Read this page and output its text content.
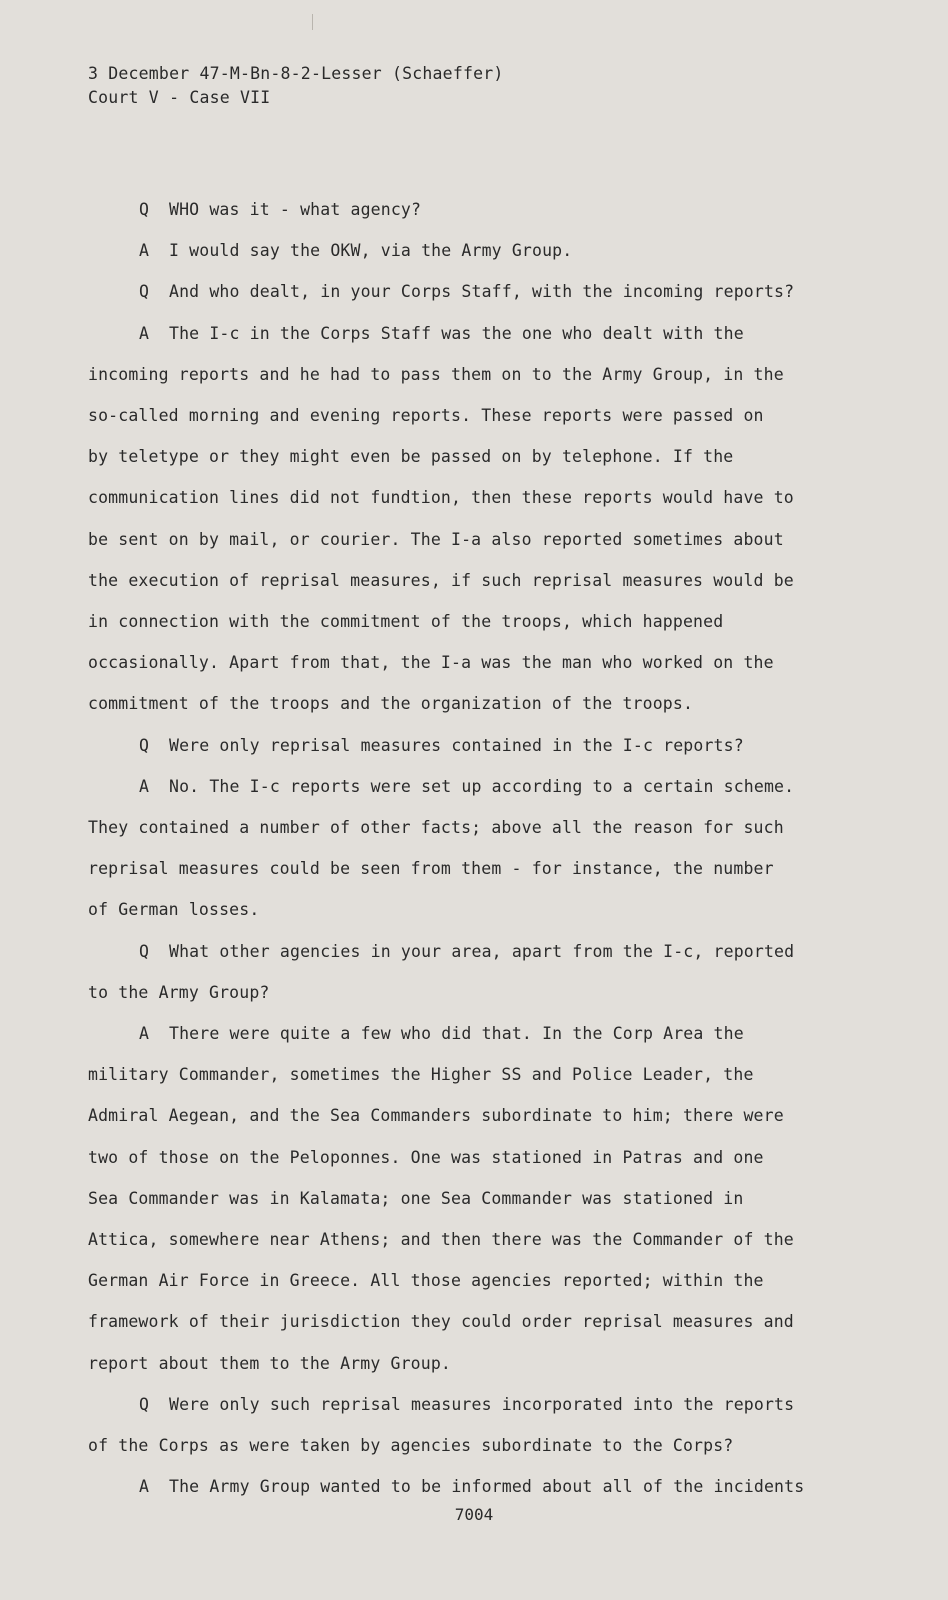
3 December 47-M-Bn-8-2-Lesser (Schaeffer)
Court V - Case VII
Q WHO was it - what agency?
A I would say the OKW, via the Army Group.
Q And who dealt, in your Corps Staff, with the incoming reports?
A The I-c in the Corps Staff was the one who dealt with the
incoming reports and he had to pass them on to the Army Group, in the
so-called morning and evening reports. These reports were passed on
by teletype or they might even be passed on by telephone. If the
communication lines did not fundtion, then these reports would have to
be sent on by mail, or courier. The I-a also reported sometimes about
the execution of reprisal measures, if such reprisal measures would be
in connection with the commitment of the troops, which happened
occasionally. Apart from that, the I-a was the man who worked on the
commitment of the troops and the organization of the troops.
Q Were only reprisal measures contained in the I-c reports?
A No. The I-c reports were set up according to a certain scheme.
They contained a number of other facts; above all the reason for such
reprisal measures could be seen from them - for instance, the number
of German losses.
Q What other agencies in your area, apart from the I-c, reported
to the Army Group?
A There were quite a few who did that. In the Corp Area the
military Commander, sometimes the Higher SS and Police Leader, the
Admiral Aegean, and the Sea Commanders subordinate to him; there were
two of those on the Peloponnes. One was stationed in Patras and one
Sea Commander was in Kalamata; one Sea Commander was stationed in
Attica, somewhere near Athens; and then there was the Commander of the
German Air Force in Greece. All those agencies reported; within the
framework of their jurisdiction they could order reprisal measures and
report about them to the Army Group.
Q Were only such reprisal measures incorporated into the reports
of the Corps as were taken by agencies subordinate to the Corps?
A The Army Group wanted to be informed about all of the incidents
7004
